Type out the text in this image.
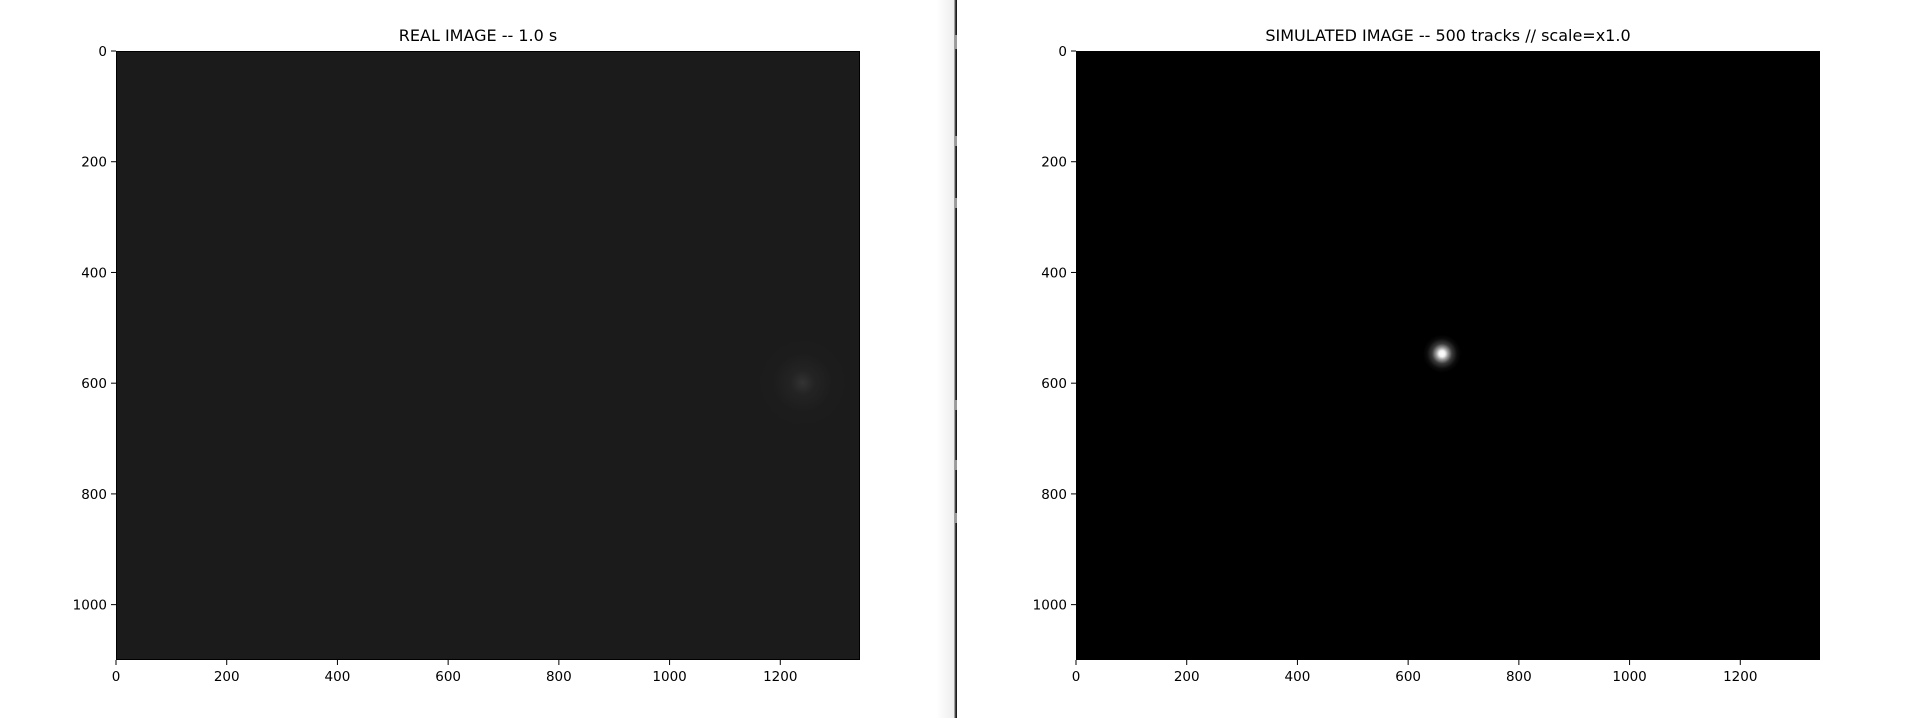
REAL IMAGE -- 1.0 s
0	200	400	600	800	1000	1200
0
200
400
600
800
1000
SIMULATED IMAGE -- 500 tracks // scale=x1.0
0	200	400	600	800	1000	1200
0
200
400
600
800
1000
